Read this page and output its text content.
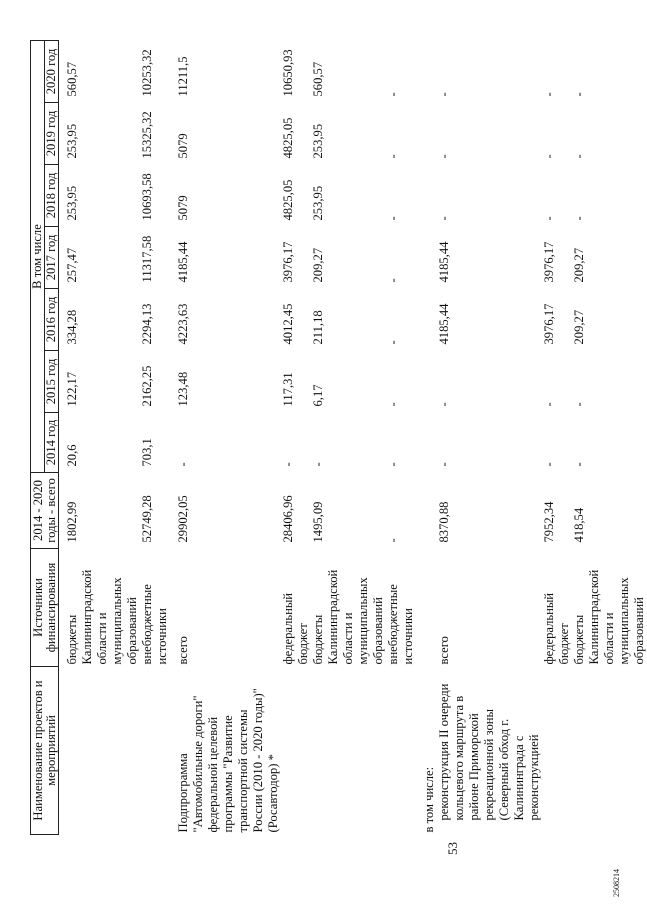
53
2508214
Наименование проектов и мероприятий	Источники финансирования	2014 - 2020 годы - всего	В том числе						
			2014 год	2015 год	2016 год	2017 год	2018 год	2019 год	2020 год

	бюджеты Калининградской области и муниципальных образований	1802,99	20,6	122,17	334,28	257,47	253,95	253,95	560,57
	внебюджетные источники	52749,28	703,1	2162,25	2294,13	11317,58	10693,58	15325,32	10253,32

Подпрограмма "Автомобильные дороги" федеральной целевой программы "Развитие транспортной системы России (2010 - 2020 годы)" (Росавтодор) *	всего	29902,05	-	123,48	4223,63	4185,44	5079	5079	11211,5
	федеральный бюджет	28406,96	-	117,31	4012,45	3976,17	4825,05	4825,05	10650,93
	бюджеты Калининградской области и муниципальных образований	1495,09	-	6,17	211,18	209,27	253,95	253,95	560,57
	внебюджетные источники	-	-	-	-	-	-	-	-

в том числе:									
реконструкция II очереди кольцевого маршрута в районе Приморской рекреационной зоны (Северный обход г. Калининграда с реконструкцией	всего	8370,88	-	-	4185,44	4185,44	-	-	-
	федеральный бюджет	7952,34	-	-	3976,17	3976,17	-	-	-
	бюджеты Калининградской области и муниципальных образований	418,54	-	-	209,27	209,27	-	-	-
